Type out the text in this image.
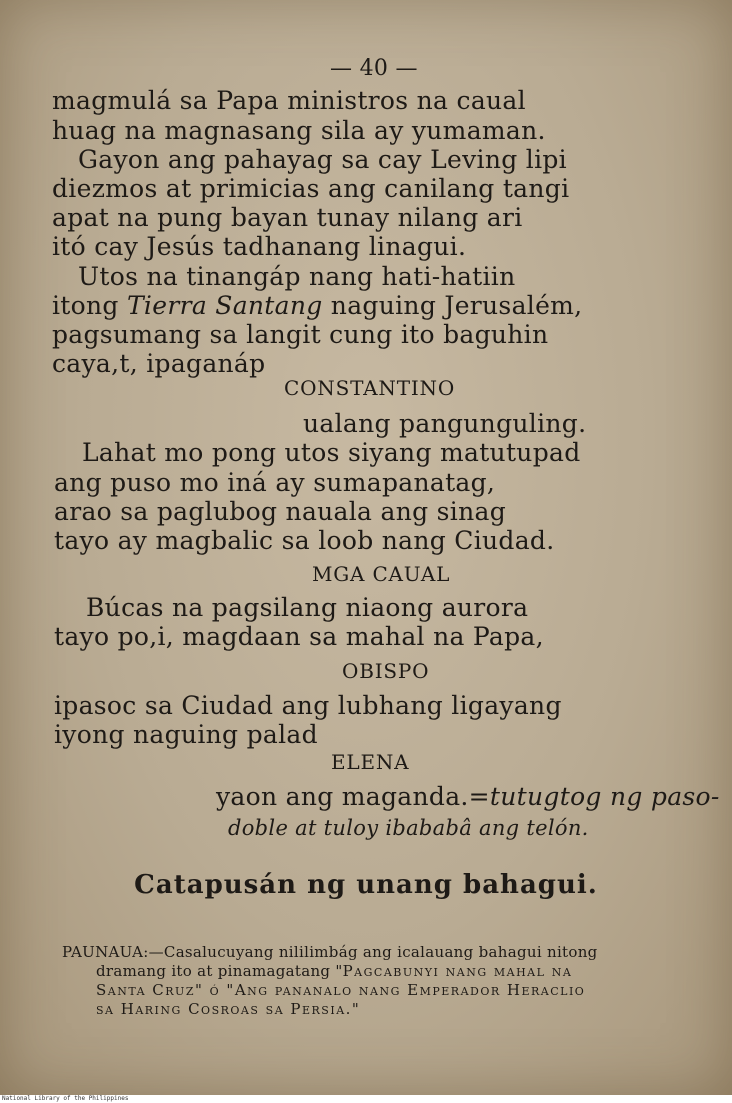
— 40 —
magmulá sa Papa ministros na caual
huag na magnasang sila ay yumaman.
Gayon ang pahayag sa cay Leving lipi
diezmos at primicias ang canilang tangi
apat na pung bayan tunay nilang ari
itó cay Jesús tadhanang linagui.
Utos na tinangáp nang hati-hatiin
itong Tierra Santang naguing Jerusalém,
pagsumang sa langit cung ito baguhin
caya,t, ipaganáp
CONSTANTINO
ualang pangunguling.
Lahat mo pong utos siyang matutupad
ang puso mo iná ay sumapanatag,
arao sa paglubog nauala ang sinag
tayo ay magbalic sa loob nang Ciudad.
MGA CAUAL
Búcas na pagsilang niaong aurora
tayo po,i, magdaan sa mahal na Papa,
OBISPO
ipasoc sa Ciudad ang lubhang ligayang
iyong naguing palad
ELENA
yaon ang maganda.=tutugtog ng paso-
doble at tuloy ibababâ ang telón.
Catapusán ng unang bahagui.
PAUNAUA:—Casalucuyang nililimbág ang icalauang bahagui nitong
dramang ito at pinamagatang "Pagcabunyi nang mahal na
Santa Cruz" ó "Ang pananalo nang Emperador Heraclio
sa Haring Cosroas sa Persia."
National Library of the Philippines
